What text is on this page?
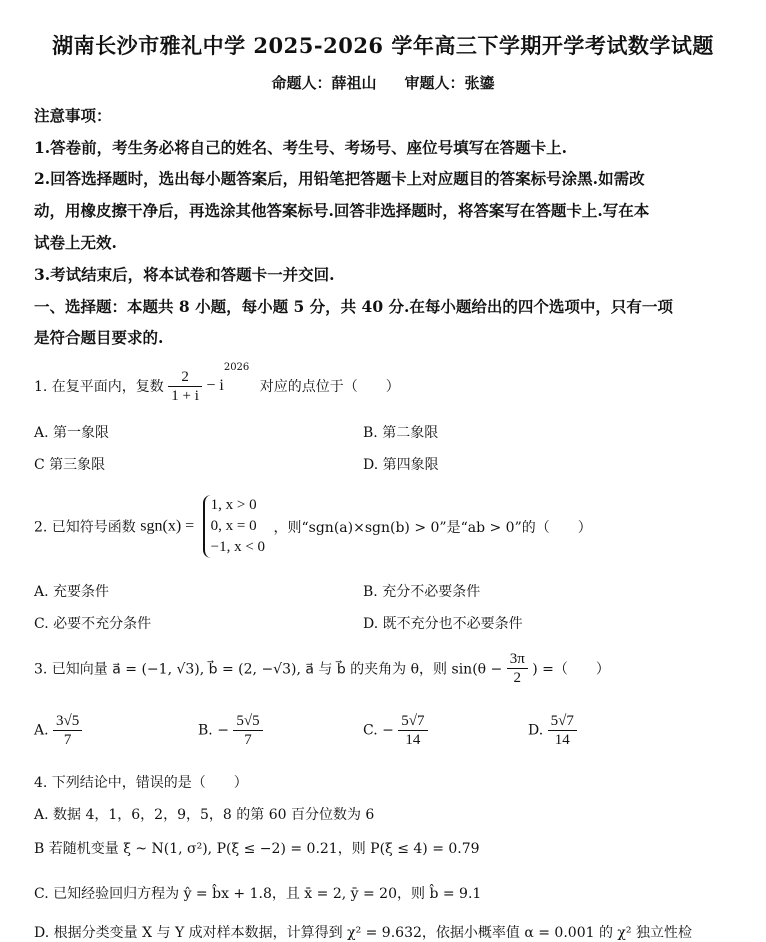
湖南长沙市雅礼中学 2025-2026 学年高三下学期开学考试数学试题
命题人：薛祖山 审题人：张鎏
注意事项：
1.答卷前，考生务必将自己的姓名、考生号、考场号、座位号填写在答题卡上.
2.回答选择题时，选出每小题答案后，用铅笔把答题卡上对应题目的答案标号涂黑.如需改
动，用橡皮擦干净后，再选涂其他答案标号.回答非选择题时，将答案写在答题卡上.写在本
试卷上无效.
3.考试结束后，将本试卷和答题卡一并交回.
一、选择题：本题共 8 小题，每小题 5 分，共 40 分.在每小题给出的四个选项中，只有一项
是符合题目要求的.
1. 在复平面内，复数 $\frac{2}{1 + i} - i^{2026}$ 对应的点位于（　　）
A. 第一象限	B. 第二象限
C 第三象限	D. 第四象限
2. 已知符号函数 sgn(x) =
1, x > 0
0, x = 0
−1, x < 0
，则“sgn(a)×sgn(b) > 0”是“ab > 0”的（　　）
A. 充要条件	B. 充分不必要条件
C. 必要不充分条件	D. 既不充分也不必要条件
3. 已知向量 a⃗ = (−1, √3), b⃗ = (2, −√3), a⃗ 与 b⃗ 的夹角为 θ，则 $\sin(\theta - \frac{3\pi}{2}$ ) =（　　）
A. $\frac{3√5}{7}$	B. − $\frac{5√5}{7}$	C. − $\frac{5√7}{14}$	D. $\frac{5√7}{14}$
4. 下列结论中，错误的是（　　）
A. 数据 4，1，6，2，9，5，8 的第 60 百分位数为 6
B 若随机变量 ξ ~ N(1, σ²), P(ξ ≤ −2) = 0.21，则 P(ξ ≤ 4) = 0.79
C. 已知经验回归方程为 ŷ = b̂x + 1.8，且 x̄ = 2, ȳ = 20，则 b̂ = 9.1
D. 根据分类变量 X 与 Y 成对样本数据，计算得到 χ² = 9.632，依据小概率值 α = 0.001 的 χ² 独立性检
